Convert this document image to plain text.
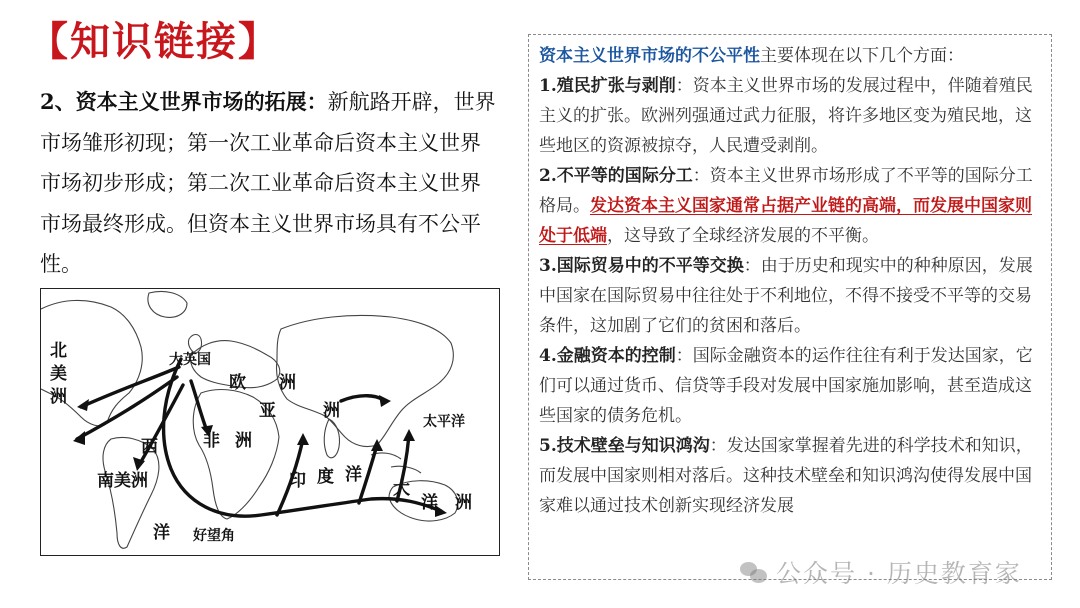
【知识链接】
2、资本主义世界市场的拓展：新航路开辟，世界市场雏形初现；第一次工业革命后资本主义世界市场初步形成；第二次工业革命后资本主义世界市场最终形成。但资本主义世界市场具有不公平性。
北美洲	大英国
欧 洲
亚	洲
非 洲
西
南美洲
太平洋
印 度 洋
洋 好望角
大
洋 洲

资本主义世界市场的不公平性主要体现在以下几个方面：

1.殖民扩张与剥削：资本主义世界市场的发展过程中，伴随着殖民主义的扩张。欧洲列强通过武力征服，将许多地区变为殖民地，这些地区的资源被掠夺，人民遭受剥削。

2.不平等的国际分工：资本主义世界市场形成了不平等的国际分工格局。发达资本主义国家通常占据产业链的高端，而发展中国家则处于低端，这导致了全球经济发展的不平衡。

3.国际贸易中的不平等交换：由于历史和现实中的种种原因，发展中国家在国际贸易中往往处于不利地位，不得不接受不平等的交易条件，这加剧了它们的贫困和落后。

4.金融资本的控制：国际金融资本的运作往往有利于发达国家，它们可以通过货币、信贷等手段对发展中国家施加影响，甚至造成这些国家的债务危机。

5.技术壁垒与知识鸿沟：发达国家掌握着先进的科学技术和知识，而发展中国家则相对落后。这种技术壁垒和知识鸿沟使得发展中国家难以通过技术创新实现经济发展

公众号 · 历史教育家
